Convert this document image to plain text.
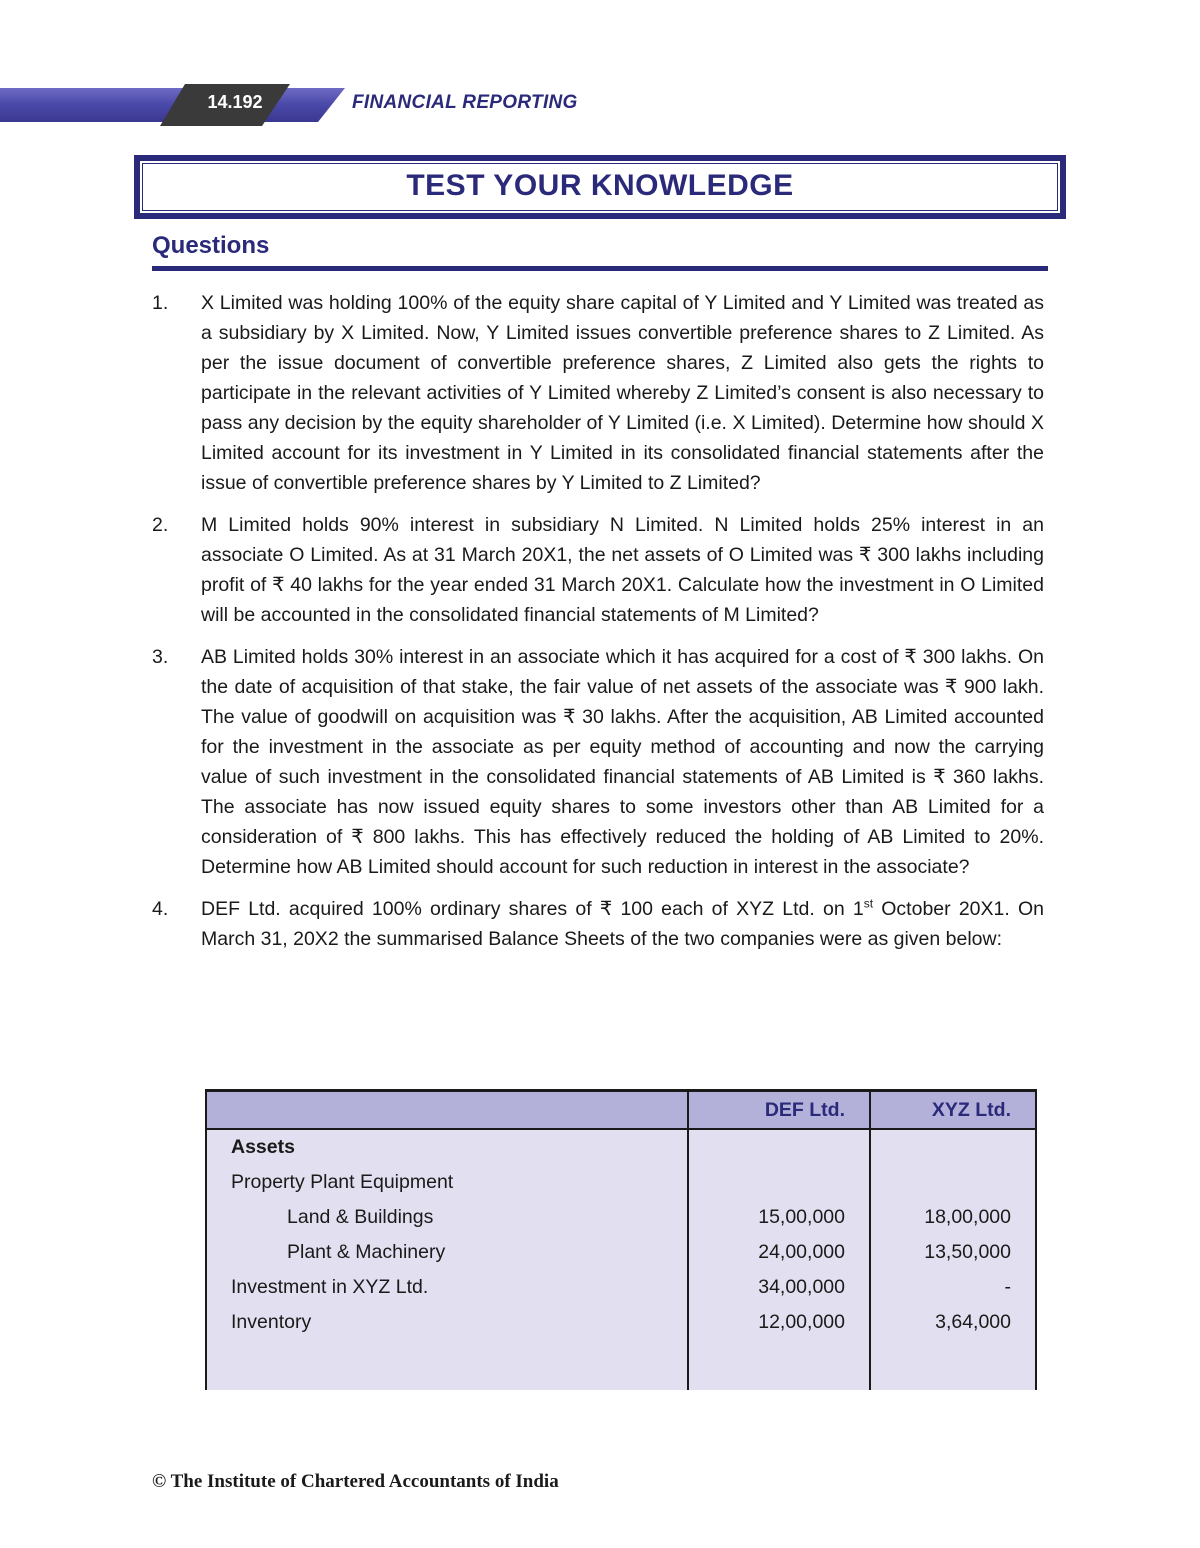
14.192	FINANCIAL REPORTING
TEST YOUR KNOWLEDGE
Questions
1.	X Limited was holding 100% of the equity share capital of Y Limited and Y Limited was treated as a subsidiary by X Limited. Now, Y Limited issues convertible preference shares to Z Limited. As per the issue document of convertible preference shares, Z Limited also gets the rights to participate in the relevant activities of Y Limited whereby Z Limited’s consent is also necessary to pass any decision by the equity shareholder of Y Limited (i.e. X Limited). Determine how should X Limited account for its investment in Y Limited in its consolidated financial statements after the issue of convertible preference shares by Y Limited to Z Limited?
2.	M Limited holds 90% interest in subsidiary N Limited. N Limited holds 25% interest in an associate O Limited. As at 31 March 20X1, the net assets of O Limited was ₹ 300 lakhs including profit of ₹ 40 lakhs for the year ended 31 March 20X1. Calculate how the investment in O Limited will be accounted in the consolidated financial statements of M Limited?
3.	AB Limited holds 30% interest in an associate which it has acquired for a cost of ₹ 300 lakhs. On the date of acquisition of that stake, the fair value of net assets of the associate was ₹ 900 lakh. The value of goodwill on acquisition was ₹ 30 lakhs. After the acquisition, AB Limited accounted for the investment in the associate as per equity method of accounting and now the carrying value of such investment in the consolidated financial statements of AB Limited is ₹ 360 lakhs. The associate has now issued equity shares to some investors other than AB Limited for a consideration of ₹ 800 lakhs. This has effectively reduced the holding of AB Limited to 20%. Determine how AB Limited should account for such reduction in interest in the associate?
4.	DEF Ltd. acquired 100% ordinary shares of ₹ 100 each of XYZ Ltd. on 1st October 20X1. On March 31, 20X2 the summarised Balance Sheets of the two companies were as given below:
	DEF Ltd.	XYZ Ltd.
Assets		
Property Plant Equipment		
Land & Buildings	15,00,000	18,00,000
Plant & Machinery	24,00,000	13,50,000
Investment in XYZ Ltd.	34,00,000	-
Inventory	12,00,000	3,64,000

© The Institute of Chartered Accountants of India
